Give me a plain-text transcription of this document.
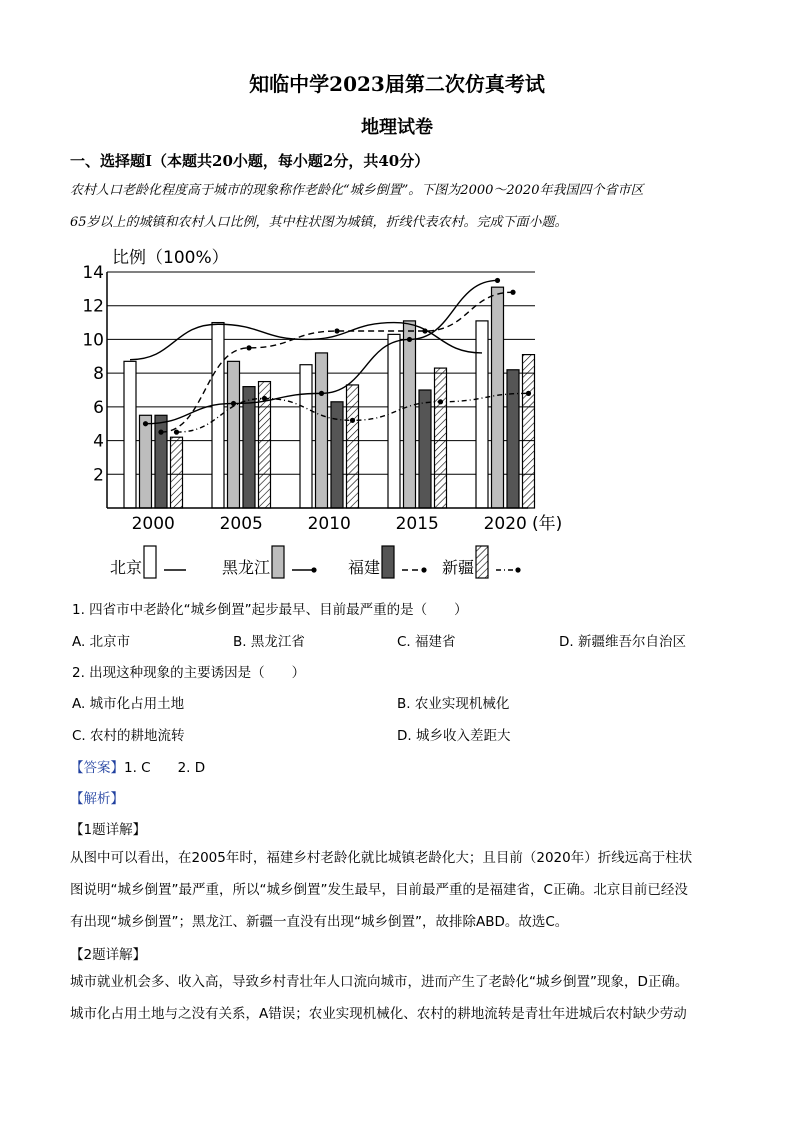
知临中学2023届第二次仿真考试
地理试卷
一、选择题Ⅰ（本题共20小题，每小题2分，共40分）
农村人口老龄化程度高于城市的现象称作老龄化“城乡倒置”。下图为2000～2020年我国四个省市区
65岁以上的城镇和农村人口比例，其中柱状图为城镇，折线代表农村。完成下面小题。
比例（100%）
2
4
6
8
10
12
14
2000	2005	2010	2015	2020 (年)
北京	黑龙江	福建	新疆
1. 四省市中老龄化“城乡倒置”起步最早、目前最严重的是（　　）
A. 北京市	B. 黑龙江省	C. 福建省	D. 新疆维吾尔自治区
2. 出现这种现象的主要诱因是（　　）
A. 城市化占用土地	B. 农业实现机械化
C. 农村的耕地流转	D. 城乡收入差距大
【答案】1. C　　2. D
【解析】
【1题详解】
从图中可以看出，在2005年时，福建乡村老龄化就比城镇老龄化大；且目前（2020年）折线远高于柱状
图说明“城乡倒置”最严重，所以“城乡倒置”发生最早，目前最严重的是福建省，C正确。北京目前已经没
有出现“城乡倒置”；黑龙江、新疆一直没有出现“城乡倒置”，故排除ABD。故选C。
【2题详解】
城市就业机会多、收入高，导致乡村青壮年人口流向城市，进而产生了老龄化“城乡倒置”现象，D正确。
城市化占用土地与之没有关系，A错误；农业实现机械化、农村的耕地流转是青壮年进城后农村缺少劳动
